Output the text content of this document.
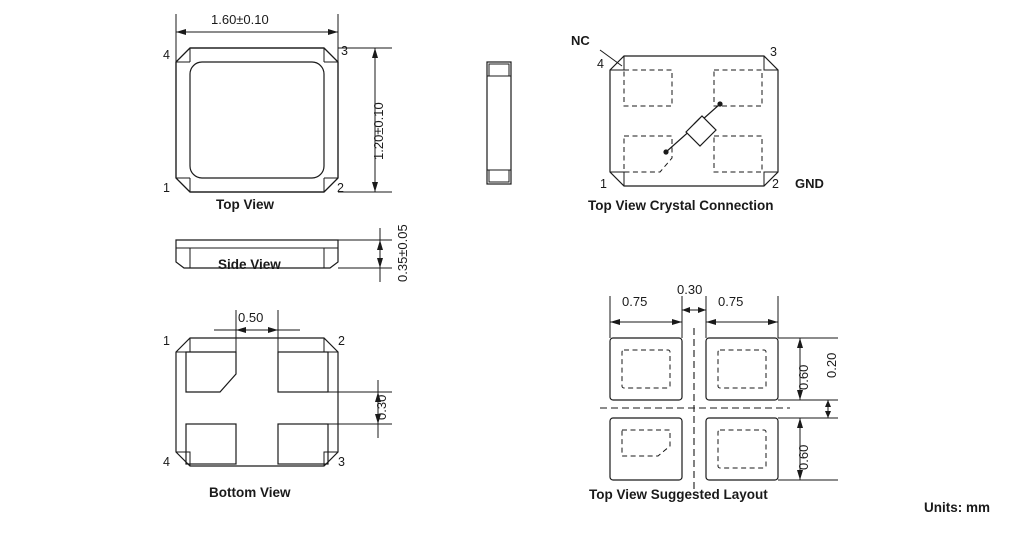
1.60±0.10
4	3
1	2
1.20±0.10
Top View
0.35±0.05
Side View
0.50
1	2
4	3
0.30
Bottom View
NC
4
3
1	2 GND
Top View Crystal Connection
0.75
0.30
0.75
0.60 0.20
0.60
Top View Suggested Layout
Units: mm
